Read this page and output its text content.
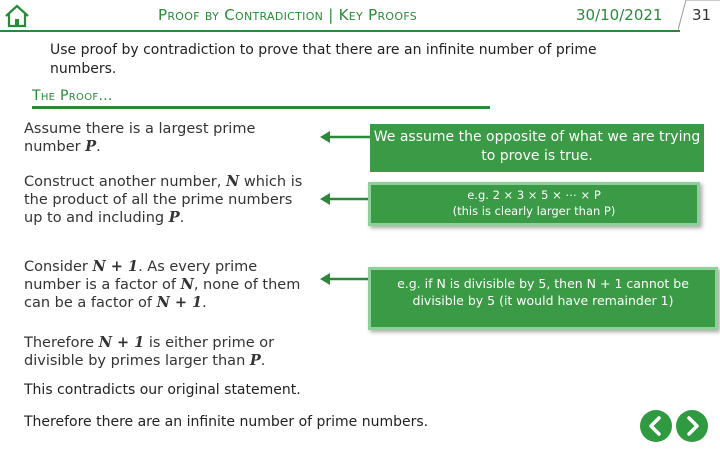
Proof by Contradiction | Key Proofs	30/10/2021 31
Use proof by contradiction to prove that there are an infinite number of prime numbers.
The Proof…
Assume there is a largest prime number P.
Construct another number, N which is the product of all the prime numbers up to and including P.
Consider N + 1. As every prime number is a factor of N, none of them can be a factor of N + 1.
Therefore N + 1 is either prime or divisible by primes larger than P.
We assume the opposite of what we are trying to prove is true.
e.g. 2 × 3 × 5 × ⋯ × P
(this is clearly larger than P)
e.g. if N is divisible by 5, then N + 1 cannot be divisible by 5 (it would have remainder 1)
This contradicts our original statement.
Therefore there are an infinite number of prime numbers.
